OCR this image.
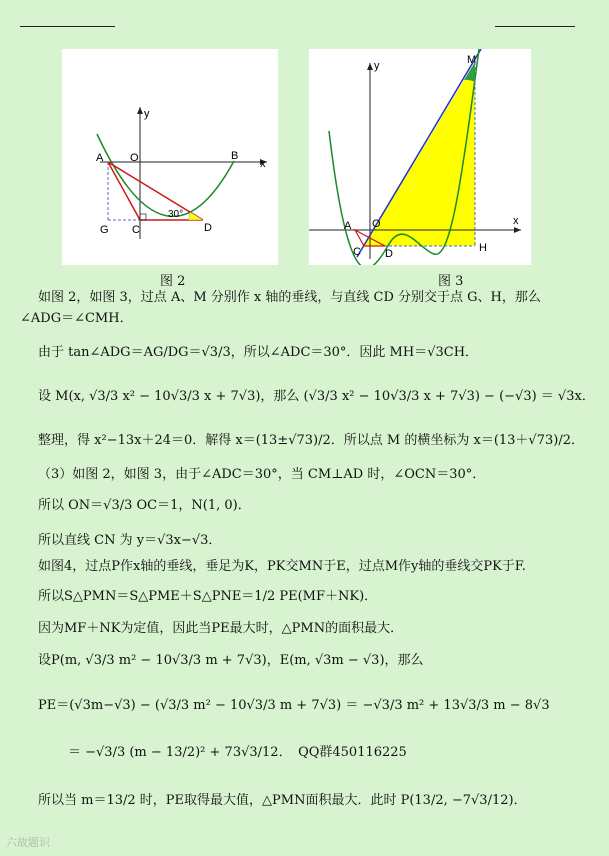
A O	B
x
y
G C	D
30°
M
A O
C D	H
x
y
图 2	图 3
如图 2，如图 3，过点 A、M 分别作 x 轴的垂线，与直线 CD 分别交于点 G、H，那么
∠ADG＝∠CMH．
由于 tan∠ADG＝AG/DG＝√3/3，所以∠ADC＝30°．因此 MH＝√3CH．
设 M(x, √3/3 x² − 10√3/3 x + 7√3)，那么 (√3/3 x² − 10√3/3 x + 7√3) − (−√3) ＝ √3x．
整理，得 x²−13x＋24＝0．解得 x＝(13±√73)/2．所以点 M 的横坐标为 x＝(13＋√73)/2．
（3）如图 2，如图 3，由于∠ADC＝30°，当 CM⊥AD 时，∠OCN＝30°．
所以 ON＝√3/3 OC＝1，N(1, 0)．
所以直线 CN 为 y＝√3x−√3．
如图4，过点P作x轴的垂线，垂足为K，PK交MN于E，过点M作y轴的垂线交PK于F.
所以S△PMN＝S△PME＋S△PNE＝1/2 PE(MF＋NK)．
因为MF＋NK为定值，因此当PE最大时，△PMN的面积最大．
设P(m, √3/3 m² − 10√3/3 m + 7√3)，E(m, √3m − √3)，那么
PE＝(√3m−√3) − (√3/3 m² − 10√3/3 m + 7√3) ＝ −√3/3 m² + 13√3/3 m − 8√3
＝ −√3/3 (m − 13/2)² + 73√3/12．　QQ群450116225
所以当 m＝13/2 时，PE取得最大值，△PMN面积最大．此时 P(13/2, −7√3/12)．
六故题识
